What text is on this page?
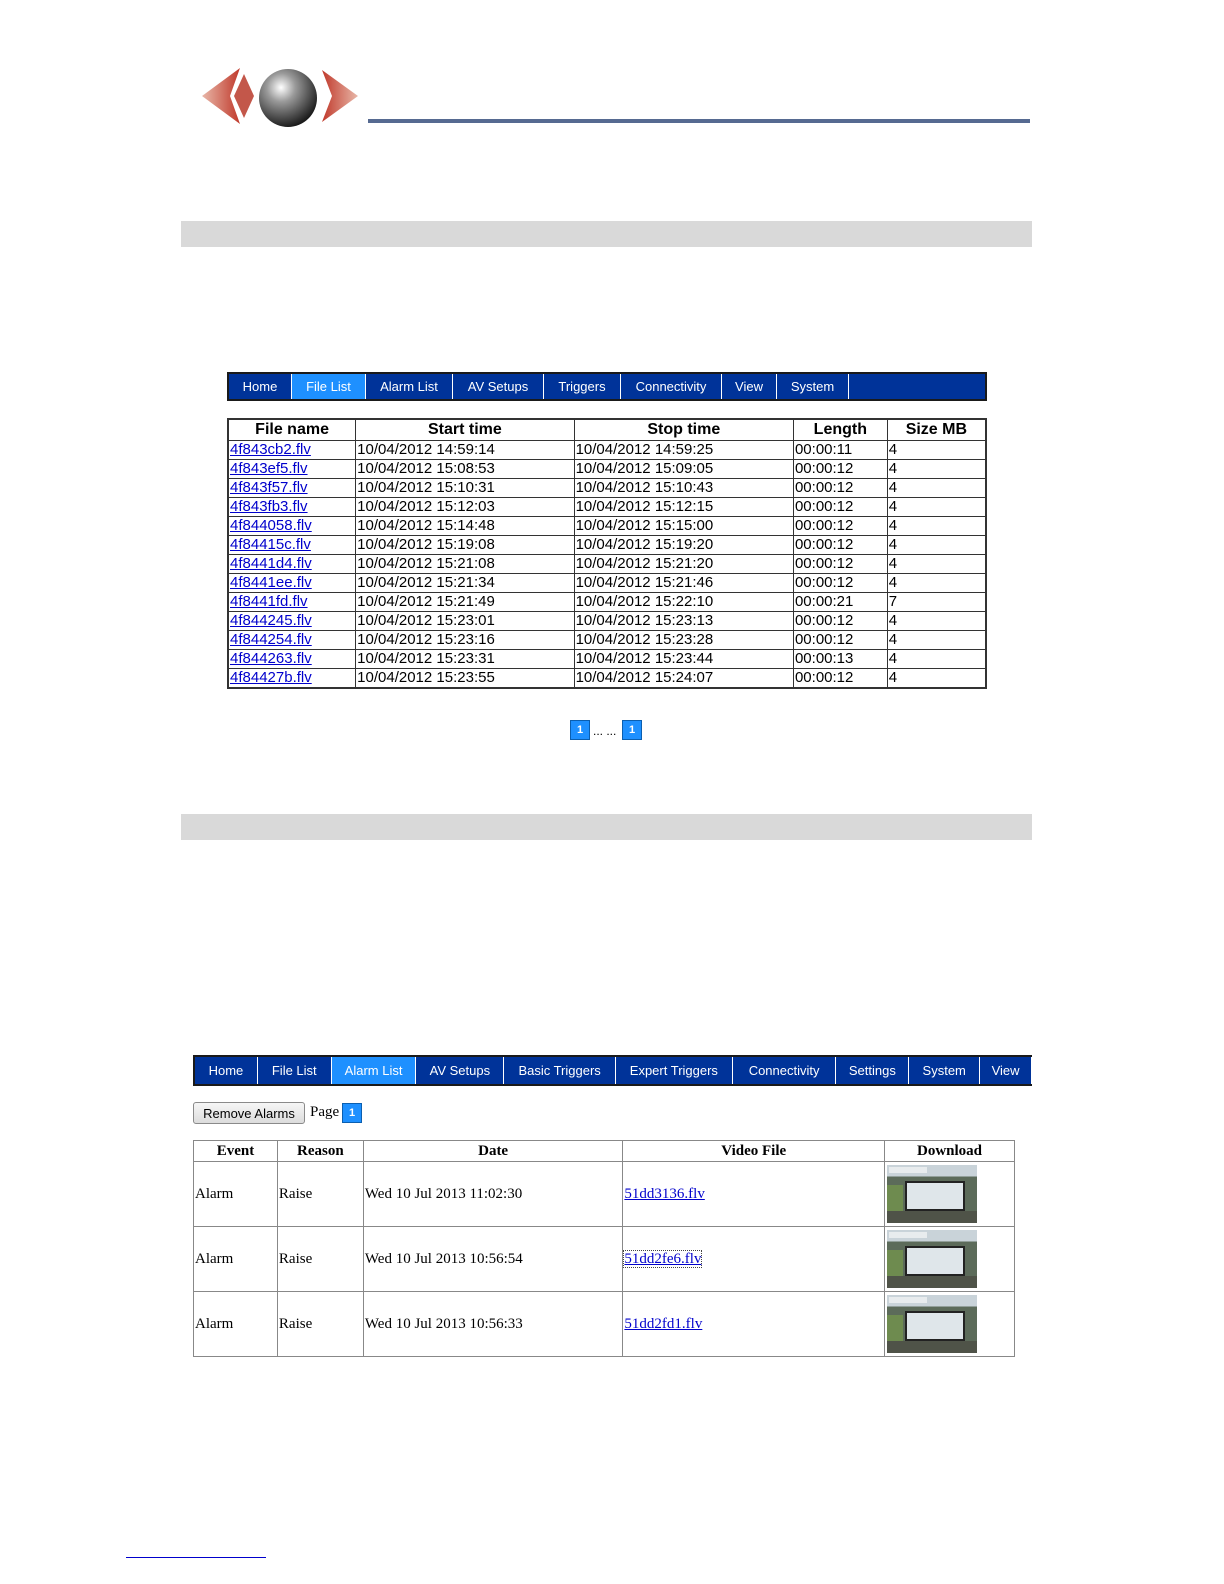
Home	File List	Alarm List	AV Setups	Triggers	Connectivity	View	System
File name	Start time	Stop time	Length	Size MB
4f843cb2.flv	10/04/2012 14:59:14	10/04/2012 14:59:25	00:00:11	4
4f843ef5.flv	10/04/2012 15:08:53	10/04/2012 15:09:05	00:00:12	4
4f843f57.flv	10/04/2012 15:10:31	10/04/2012 15:10:43	00:00:12	4
4f843fb3.flv	10/04/2012 15:12:03	10/04/2012 15:12:15	00:00:12	4
4f844058.flv	10/04/2012 15:14:48	10/04/2012 15:15:00	00:00:12	4
4f84415c.flv	10/04/2012 15:19:08	10/04/2012 15:19:20	00:00:12	4
4f8441d4.flv	10/04/2012 15:21:08	10/04/2012 15:21:20	00:00:12	4
4f8441ee.flv	10/04/2012 15:21:34	10/04/2012 15:21:46	00:00:12	4
4f8441fd.flv	10/04/2012 15:21:49	10/04/2012 15:22:10	00:00:21	7
4f844245.flv	10/04/2012 15:23:01	10/04/2012 15:23:13	00:00:12	4
4f844254.flv	10/04/2012 15:23:16	10/04/2012 15:23:28	00:00:12	4
4f844263.flv	10/04/2012 15:23:31	10/04/2012 15:23:44	00:00:13	4
4f84427b.flv	10/04/2012 15:23:55	10/04/2012 15:24:07	00:00:12	4
1 ... ...	1
Home	File List	Alarm List	AV Setups	Basic Triggers	Expert Triggers	Connectivity	Settings	System	View
Remove Alarms	Page 1
Event	Reason	Date	Video File	Download
Alarm	Raise	Wed 10 Jul 2013 11:02:30	51dd3136.flv	

Alarm	Raise	Wed 10 Jul 2013 10:56:54	51dd2fe6.flv	

Alarm	Raise	Wed 10 Jul 2013 10:56:33	51dd2fd1.flv	
